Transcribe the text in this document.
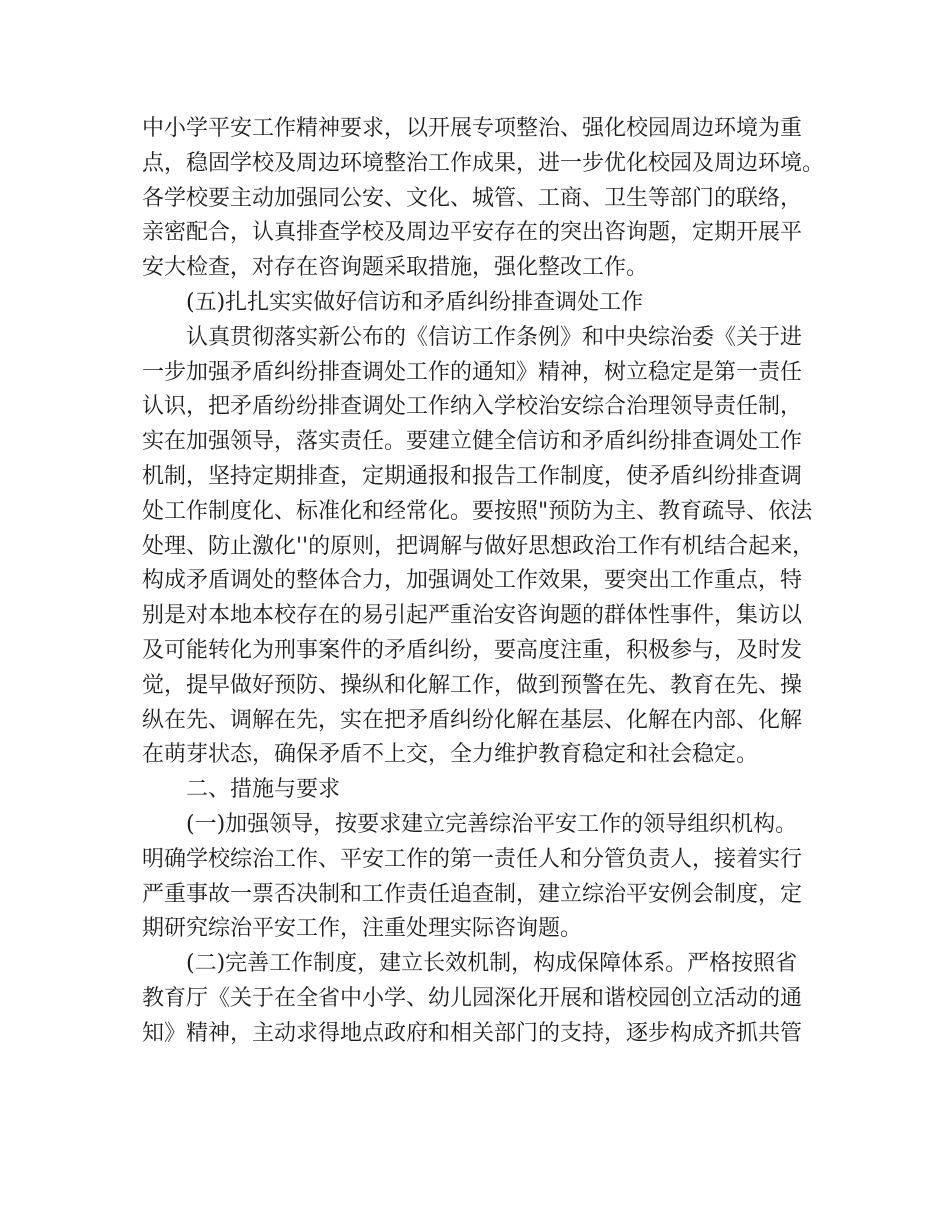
中小学平安工作精神要求，以开展专项整治、强化校园周边环境为重
点，稳固学校及周边环境整治工作成果，进一步优化校园及周边环境。
各学校要主动加强同公安、文化、城管、工商、卫生等部门的联络，
亲密配合，认真排查学校及周边平安存在的突出咨询题，定期开展平
安大检查，对存在咨询题采取措施，强化整改工作。
(五)扎扎实实做好信访和矛盾纠纷排查调处工作
认真贯彻落实新公布的《信访工作条例》和中央综治委《关于进
一步加强矛盾纠纷排查调处工作的通知》精神，树立稳定是第一责任
认识，把矛盾纷纷排查调处工作纳入学校治安综合治理领导责任制，
实在加强领导，落实责任。要建立健全信访和矛盾纠纷排查调处工作
机制，坚持定期排查，定期通报和报告工作制度，使矛盾纠纷排查调
处工作制度化、标准化和经常化。要按照"预防为主、教育疏导、依法
处理、防止激化''的原则，把调解与做好思想政治工作有机结合起来，
构成矛盾调处的整体合力，加强调处工作效果，要突出工作重点，特
别是对本地本校存在的易引起严重治安咨询题的群体性事件，集访以
及可能转化为刑事案件的矛盾纠纷，要高度注重，积极参与，及时发
觉，提早做好预防、操纵和化解工作，做到预警在先、教育在先、操
纵在先、调解在先，实在把矛盾纠纷化解在基层、化解在内部、化解
在萌芽状态，确保矛盾不上交，全力维护教育稳定和社会稳定。
二、措施与要求
(一)加强领导，按要求建立完善综治平安工作的领导组织机构。
明确学校综治工作、平安工作的第一责任人和分管负责人，接着实行
严重事故一票否决制和工作责任追查制，建立综治平安例会制度，定
期研究综治平安工作，注重处理实际咨询题。
(二)完善工作制度，建立长效机制，构成保障体系。严格按照省
教育厅《关于在全省中小学、幼儿园深化开展和谐校园创立活动的通
知》精神，主动求得地点政府和相关部门的支持，逐步构成齐抓共管
